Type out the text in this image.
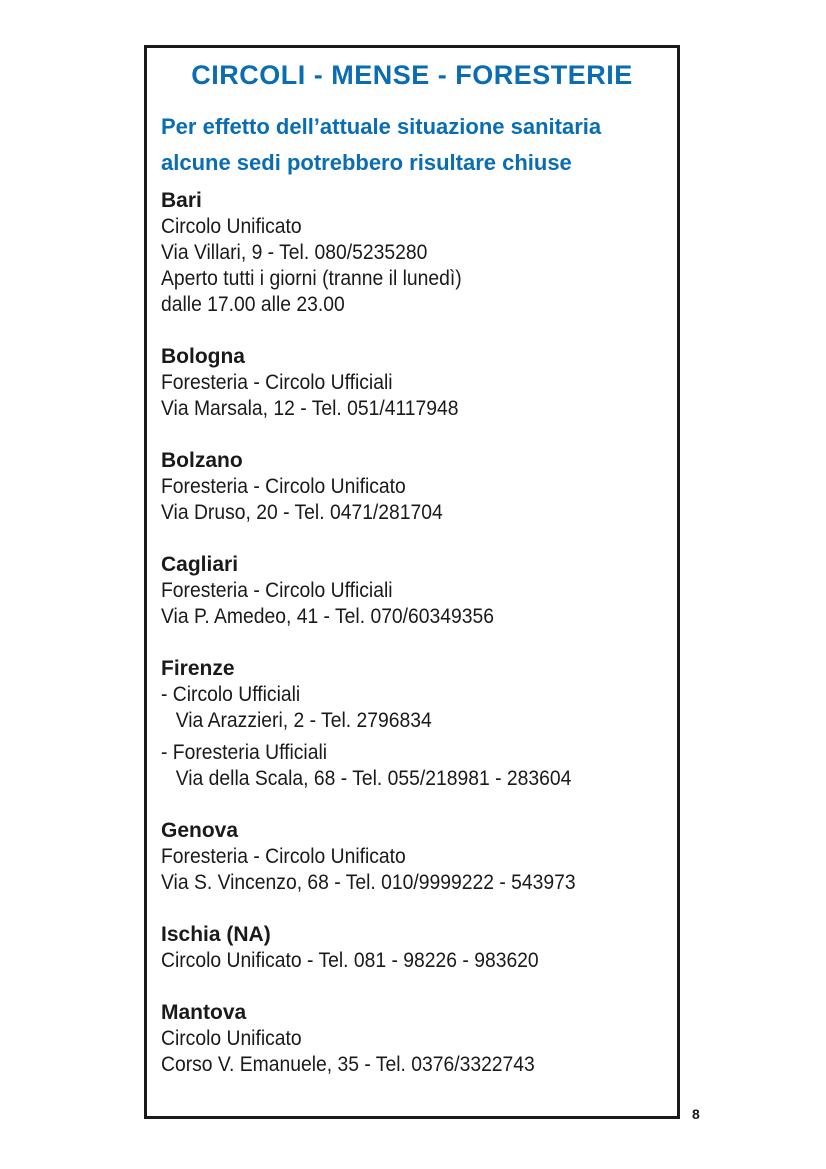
CIRCOLI - MENSE - FORESTERIE
Per effetto dell’attuale situazione sanitaria
alcune sedi potrebbero risultare chiuse
Bari
Circolo Unificato
Via Villari, 9 - Tel. 080/5235280
Aperto tutti i giorni (tranne il lunedì)
dalle 17.00 alle 23.00
Bologna
Foresteria - Circolo Ufficiali
Via Marsala, 12 - Tel. 051/4117948
Bolzano
Foresteria - Circolo Unificato
Via Druso, 20 - Tel. 0471/281704
Cagliari
Foresteria - Circolo Ufficiali
Via P. Amedeo, 41 - Tel. 070/60349356
Firenze
- Circolo Ufficiali
Via Arazzieri, 2 - Tel. 2796834
- Foresteria Ufficiali
Via della Scala, 68 - Tel. 055/218981 - 283604
Genova
Foresteria - Circolo Unificato
Via S. Vincenzo, 68 - Tel. 010/9999222 - 543973
Ischia (NA)
Circolo Unificato - Tel. 081 - 98226 - 983620
Mantova
Circolo Unificato
Corso V. Emanuele, 35 - Tel. 0376/3322743
8
